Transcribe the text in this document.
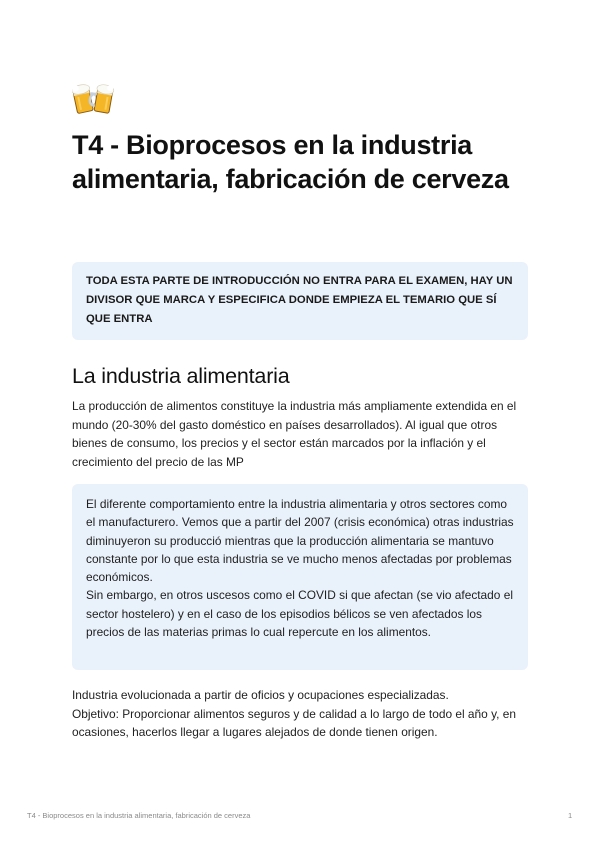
T4 - Bioprocesos en la industria alimentaria, fabricación de cerveza

TODA ESTA PARTE DE INTRODUCCIÓN NO ENTRA PARA EL EXAMEN, HAY UN DIVISOR QUE MARCA Y ESPECIFICA DONDE EMPIEZA EL TEMARIO QUE SÍ QUE ENTRA

La industria alimentaria

La producción de alimentos constituye la industria más ampliamente extendida en el mundo (20-30% del gasto doméstico en países desarrollados). Al igual que otros bienes de consumo, los precios y el sector están marcados por la inflación y el crecimiento del precio de las MP

El diferente comportamiento entre la industria alimentaria y otros sectores como el manufacturero. Vemos que a partir del 2007 (crisis económica) otras industrias diminuyeron su producció mientras que la producción alimentaria se mantuvo constante por lo que esta industria se ve mucho menos afectadas por problemas económicos.

Sin embargo, en otros uscesos como el COVID si que afectan (se vio afectado el sector hostelero) y en el caso de los episodios bélicos se ven afectados los precios de las materias primas lo cual repercute en los alimentos.

Industria evolucionada a partir de oficios y ocupaciones especializadas.
Objetivo: Proporcionar alimentos seguros y de calidad a lo largo de todo el año y, en ocasiones, hacerlos llegar a lugares alejados de donde tienen origen.
T4 - Bioprocesos en la industria alimentaria, fabricación de cerveza	1
